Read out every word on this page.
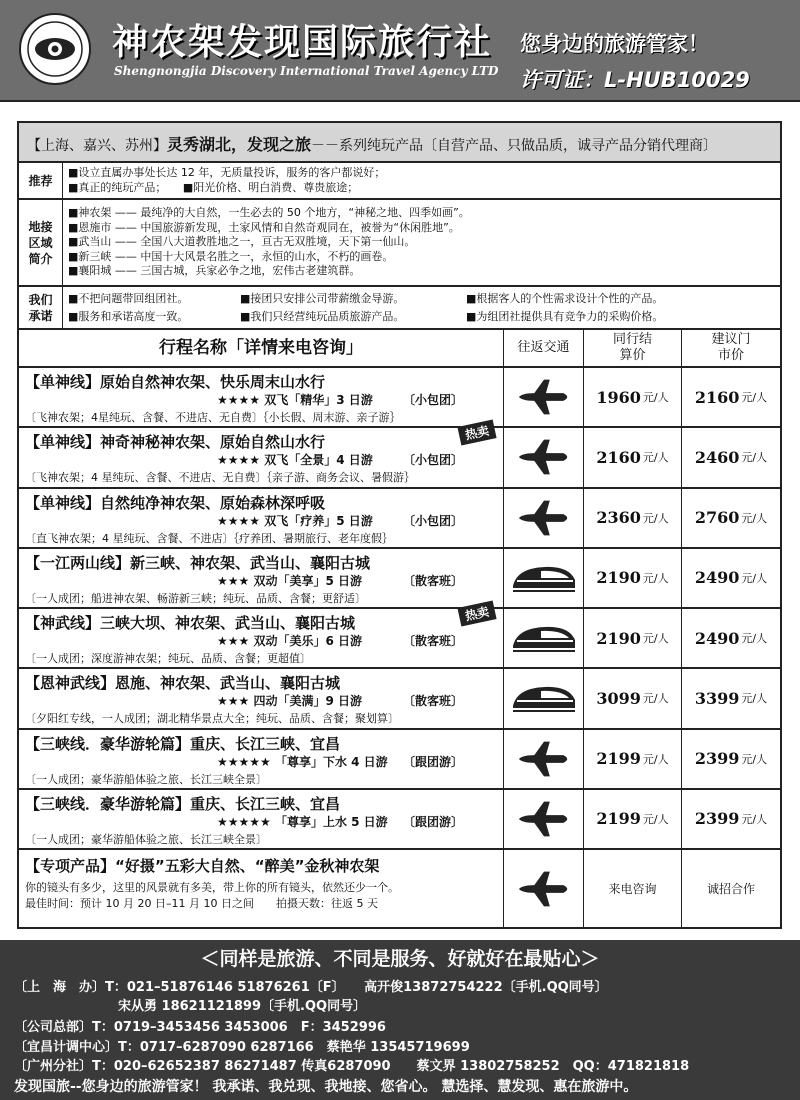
神农架发现国际旅行社
Shengnongjia Discovery International Travel Agency LTD
您身边的旅游管家！
许可证：L-HUB10029
【上海、嘉兴、苏州】灵秀湖北，发现之旅－－系列纯玩产品〔自营产品、只做品质，诚寻产品分销代理商〕
推荐
■设立直属办事处长达 12 年，无质量投诉，服务的客户都说好；
■真正的纯玩产品；　　■阳光价格、明白消费、尊贵旅途；
地接区域简介
■神农架 —— 最纯净的大自然，一生必去的 50 个地方，“神秘之地、四季如画”。
■恩施市 —— 中国旅游新发现，土家风情和自然奇观同在，被誉为“休闲胜地”。
■武当山 —— 全国八大道教胜地之一，亘古无双胜境，天下第一仙山。
■新三峡 —— 中国十大风景名胜之一，永恒的山水，不朽的画卷。
■襄阳城 —— 三国古城，兵家必争之地，宏伟古老建筑群。
我们承诺
■不把问题带回组团社。	■接团只安排公司带薪缴金导游。	■根据客人的个性需求设计个性的产品。
■服务和承诺高度一致。	■我们只经营纯玩品质旅游产品。	■为组团社提供具有竞争力的采购价格。
行程名称「详情来电咨询」	往返交通
同行结算价
建议门市价
【单神线】原始自然神农架、快乐周末山水行
★★★★ 双飞「精华」3 日游	〔小包团〕
〔飞神农架；4星纯玩、含餐、不进店、无自费〕｛小长假、周末游、亲子游｝
1960 元/人 2160 元/人
【单神线】神奇神秘神农架、原始自然山水行
★★★★ 双飞「全景」4 日游	〔小包团〕
〔飞神农架；4 星纯玩、含餐、不进店、无自费〕｛亲子游、商务会议、暑假游｝
热卖
2160 元/人 2460 元/人
【单神线】自然纯净神农架、原始森林深呼吸
★★★★ 双飞「疗养」5 日游	〔小包团〕
〔直飞神农架；4 星纯玩、含餐、不进店〕｛疗养团、暑期旅行、老年度假｝
2360 元/人 2760 元/人
【一江两山线】新三峡、神农架、武当山、襄阳古城
★★★ 双动「美享」5 日游	〔散客班〕
〔一人成团；船进神农架、畅游新三峡；纯玩、品质、含餐；更舒适〕
2190 元/人 2490 元/人
【神武线】三峡大坝、神农架、武当山、襄阳古城
★★★ 双动「美乐」6 日游	〔散客班〕
〔一人成团；深度游神农架；纯玩、品质、含餐；更超值〕
热卖
2190 元/人 2490 元/人
【恩神武线】恩施、神农架、武当山、襄阳古城
★★★ 四动「美满」9 日游	〔散客班〕
〔夕阳红专线，一人成团；湖北精华景点大全；纯玩、品质、含餐；聚划算〕
3099 元/人 3399 元/人
【三峡线．豪华游轮篇】重庆、长江三峡、宜昌
★★★★★ 「尊享」下水 4 日游 〔跟团游〕
〔一人成团；豪华游船体验之旅、长江三峡全景〕
2199 元/人 2399 元/人
【三峡线．豪华游轮篇】重庆、长江三峡、宜昌
★★★★★ 「尊享」上水 5 日游 〔跟团游〕
〔一人成团；豪华游船体验之旅、长江三峡全景〕
2199 元/人 2399 元/人
【专项产品】“好摄”五彩大自然、“醉美”金秋神农架
你的镜头有多少，这里的风景就有多美，带上你的所有镜头，依然还少一个。
最佳时间：预计 10 月 20 日–11 月 10 日之间　　拍摄天数：往返 5 天
来电咨询	诚招合作
＜同样是旅游、不同是服务、好就好在最贴心＞
〔上　海　办〕T：021–51876146 51876261〔F〕　　高开俊13872754222〔手机.QQ同号〕
　　　　　　　　宋从勇 18621121899〔手机.QQ同号〕
〔公司总部〕T：0719–3453456 3453006　F：3452996
〔宜昌计调中心〕T：0717–6287090 6287166　蔡艳华 13545719699
〔广州分社〕T：020–62652387 86271487 传真6287090　　蔡文界 13802758252　QQ：471821818
发现国旅--您身边的旅游管家！ 我承诺、我兑现、我地接、您省心。 慧选择、慧发现、惠在旅游中。
